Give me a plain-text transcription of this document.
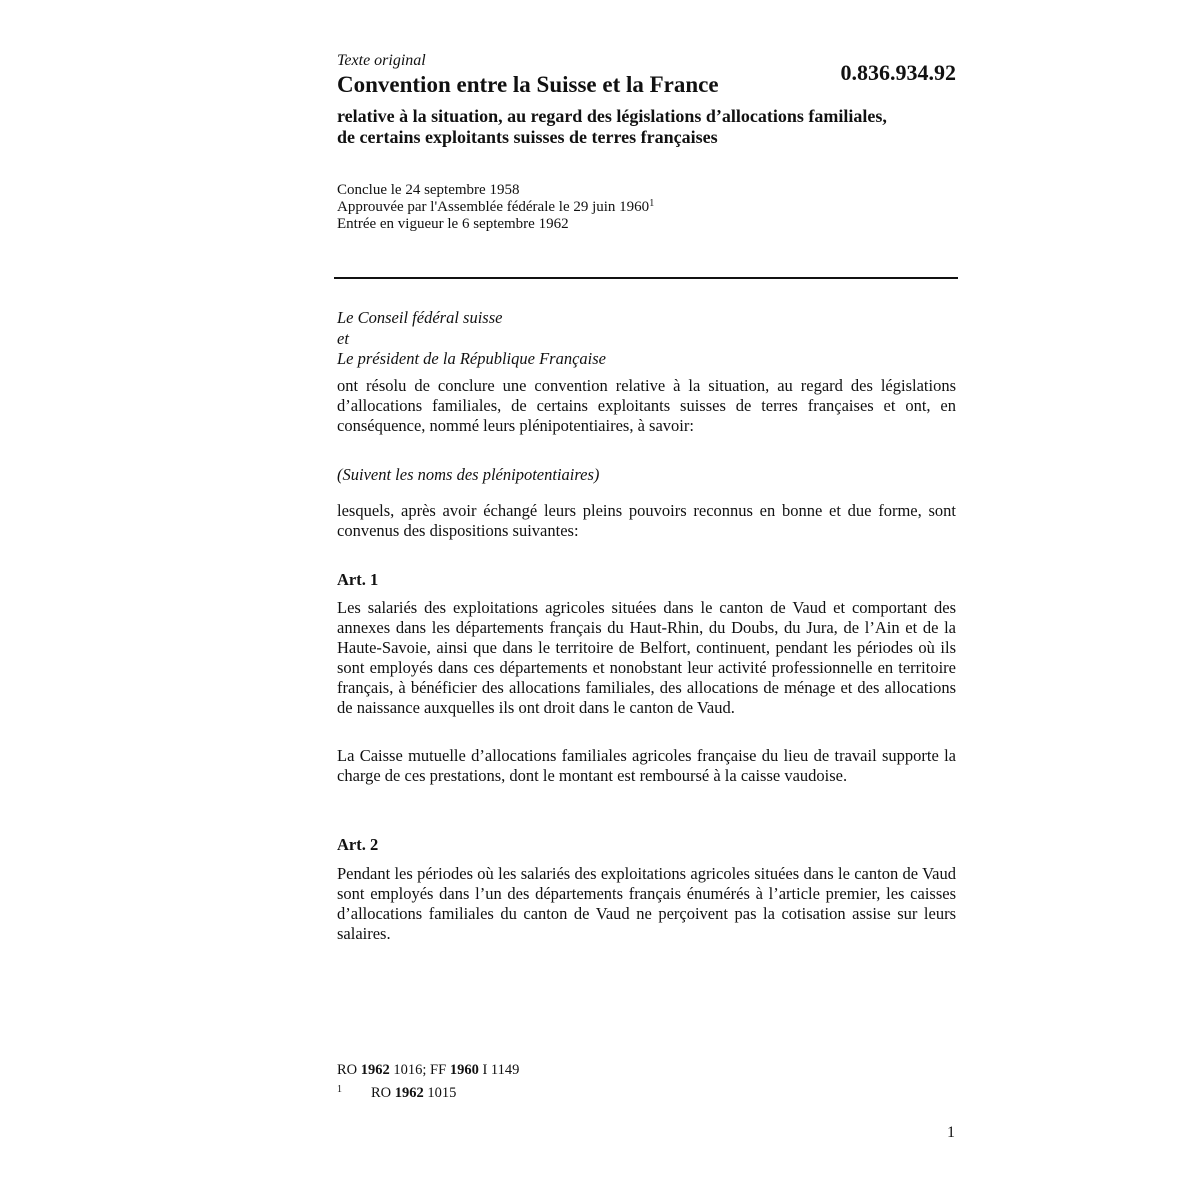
Texte original
Convention entre la Suisse et la France	0.836.934.92
relative à la situation, au regard des législations d’allocations familiales,
de certains exploitants suisses de terres françaises
Conclue le 24 septembre 1958
Approuvée par l'Assemblée fédérale le 29 juin 1960$^1$
Entrée en vigueur le 6 septembre 1962
Le Conseil fédéral suisse
et
Le président de la République Française
ont résolu de conclure une convention relative à la situation, au regard des législations d’allocations familiales, de certains exploitants suisses de terres françaises et ont, en conséquence, nommé leurs plénipotentiaires, à savoir:
(Suivent les noms des plénipotentiaires)
lesquels, après avoir échangé leurs pleins pouvoirs reconnus en bonne et due forme, sont convenus des dispositions suivantes:
Art. 1
Les salariés des exploitations agricoles situées dans le canton de Vaud et comportant des annexes dans les départements français du Haut-Rhin, du Doubs, du Jura, de l’Ain et de la Haute-Savoie, ainsi que dans le territoire de Belfort, continuent, pendant les périodes où ils sont employés dans ces départements et nonobstant leur activité professionnelle en territoire français, à bénéficier des allocations familiales, des allocations de ménage et des allocations de naissance auxquelles ils ont droit dans le canton de Vaud.
La Caisse mutuelle d’allocations familiales agricoles française du lieu de travail supporte la charge de ces prestations, dont le montant est remboursé à la caisse vaudoise.
Art. 2
Pendant les périodes où les salariés des exploitations agricoles situées dans le canton de Vaud sont employés dans l’un des départements français énumérés à l’article premier, les caisses d’allocations familiales du canton de Vaud ne perçoivent pas la cotisation assise sur leurs salaires.
RO 1962 1016; FF 1960 I 1149
1 RO 1962 1015
1
